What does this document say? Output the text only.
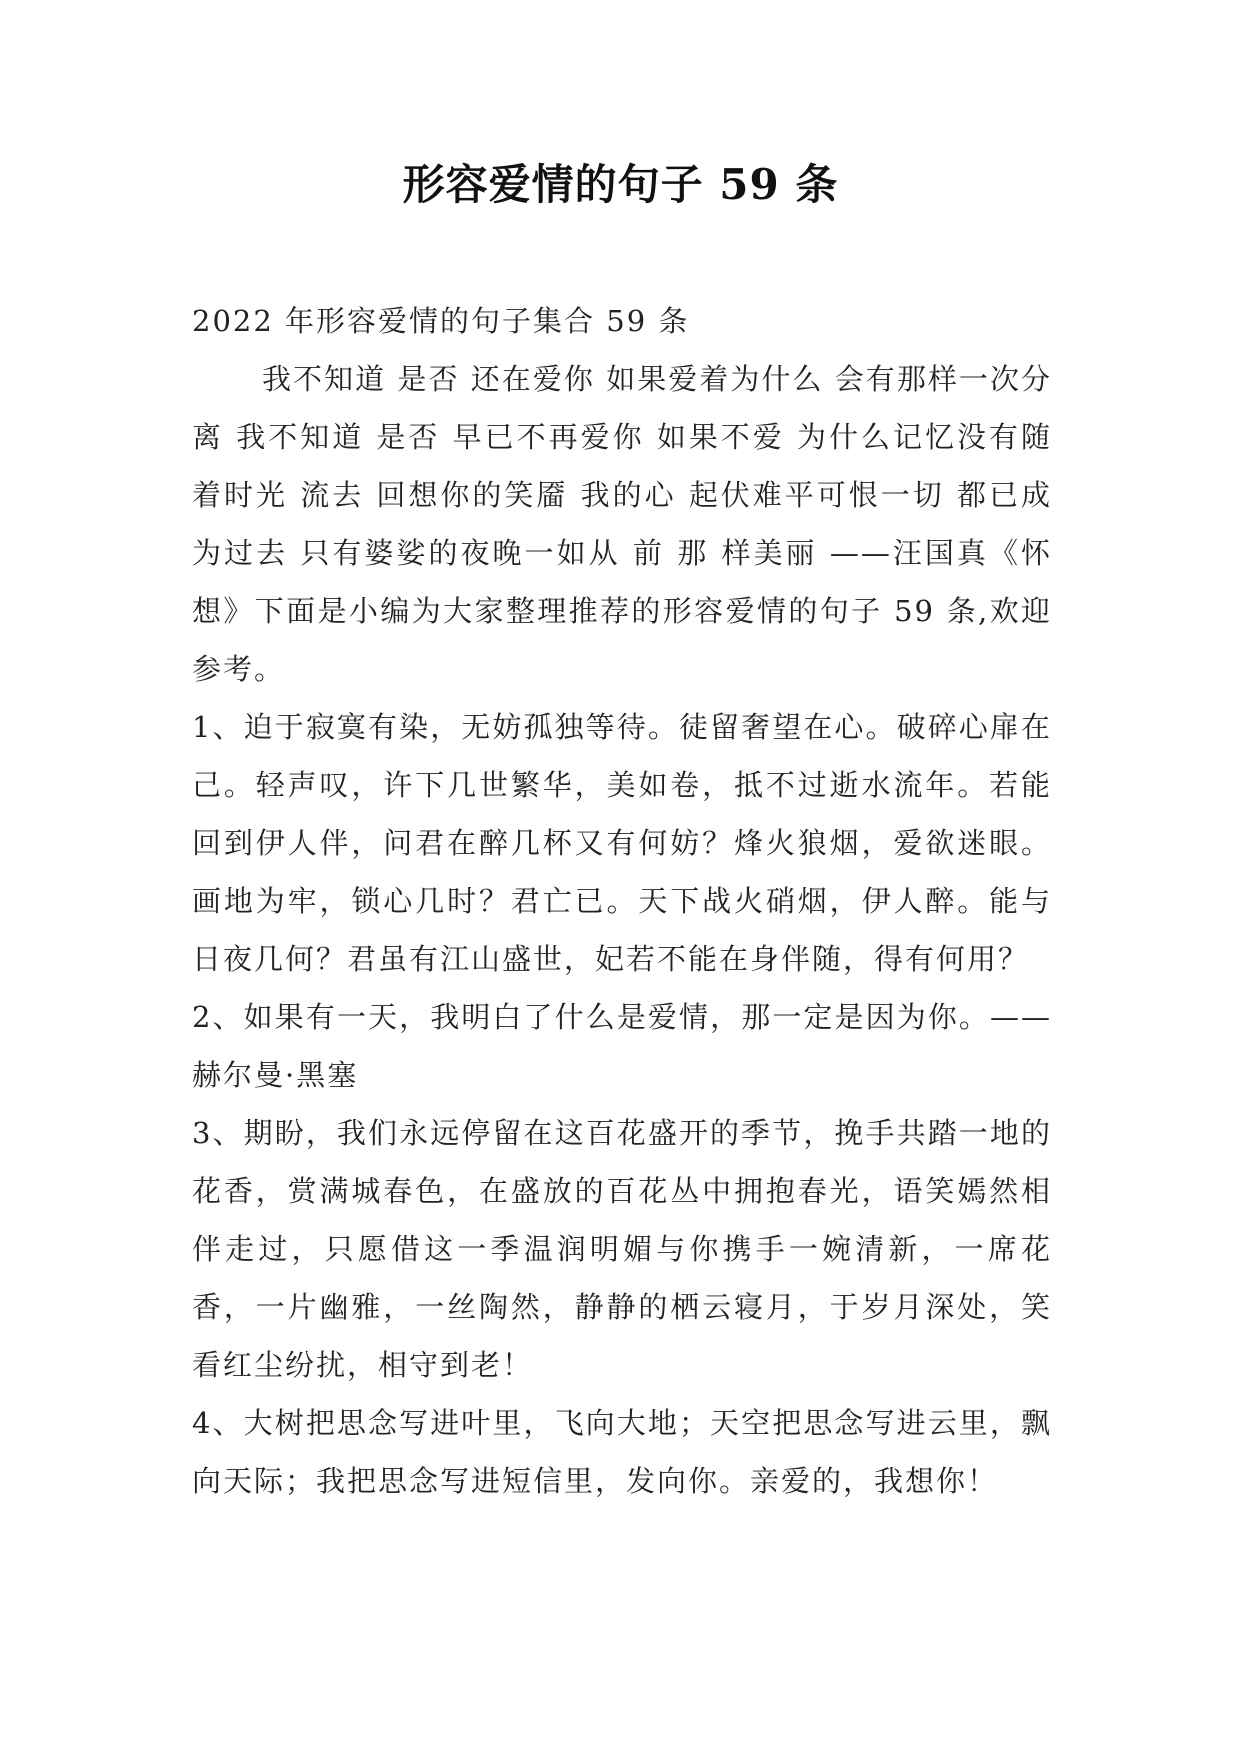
形容爱情的句子 59 条

2022 年形容爱情的句子集合 59 条

我不知道 是否 还在爱你 如果爱着为什么 会有那样一次分离 我不知道 是否 早已不再爱你 如果不爱 为什么记忆没有随着时光 流去 回想你的笑靥 我的心 起伏难平可恨一切 都已成为过去 只有婆娑的夜晚一如从 前 那 样美丽 ——汪国真《怀想》下面是小编为大家整理推荐的形容爱情的句子 59 条,欢迎参考。

1、迫于寂寞有染，无妨孤独等待。徒留奢望在心。破碎心扉在己。轻声叹，许下几世繁华，美如卷，抵不过逝水流年。若能回到伊人伴，问君在醉几杯又有何妨？烽火狼烟，爱欲迷眼。画地为牢，锁心几时？君亡已。天下战火硝烟，伊人醉。能与日夜几何？君虽有江山盛世，妃若不能在身伴随，得有何用？

2、如果有一天，我明白了什么是爱情，那一定是因为你。——赫尔曼·黑塞

3、期盼，我们永远停留在这百花盛开的季节，挽手共踏一地的花香，赏满城春色，在盛放的百花丛中拥抱春光，语笑嫣然相伴走过，只愿借这一季温润明媚与你携手一婉清新，一席花香，一片幽雅，一丝陶然，静静的栖云寝月，于岁月深处，笑看红尘纷扰，相守到老！

4、大树把思念写进叶里，飞向大地；天空把思念写进云里，飘向天际；我把思念写进短信里，发向你。亲爱的，我想你！
